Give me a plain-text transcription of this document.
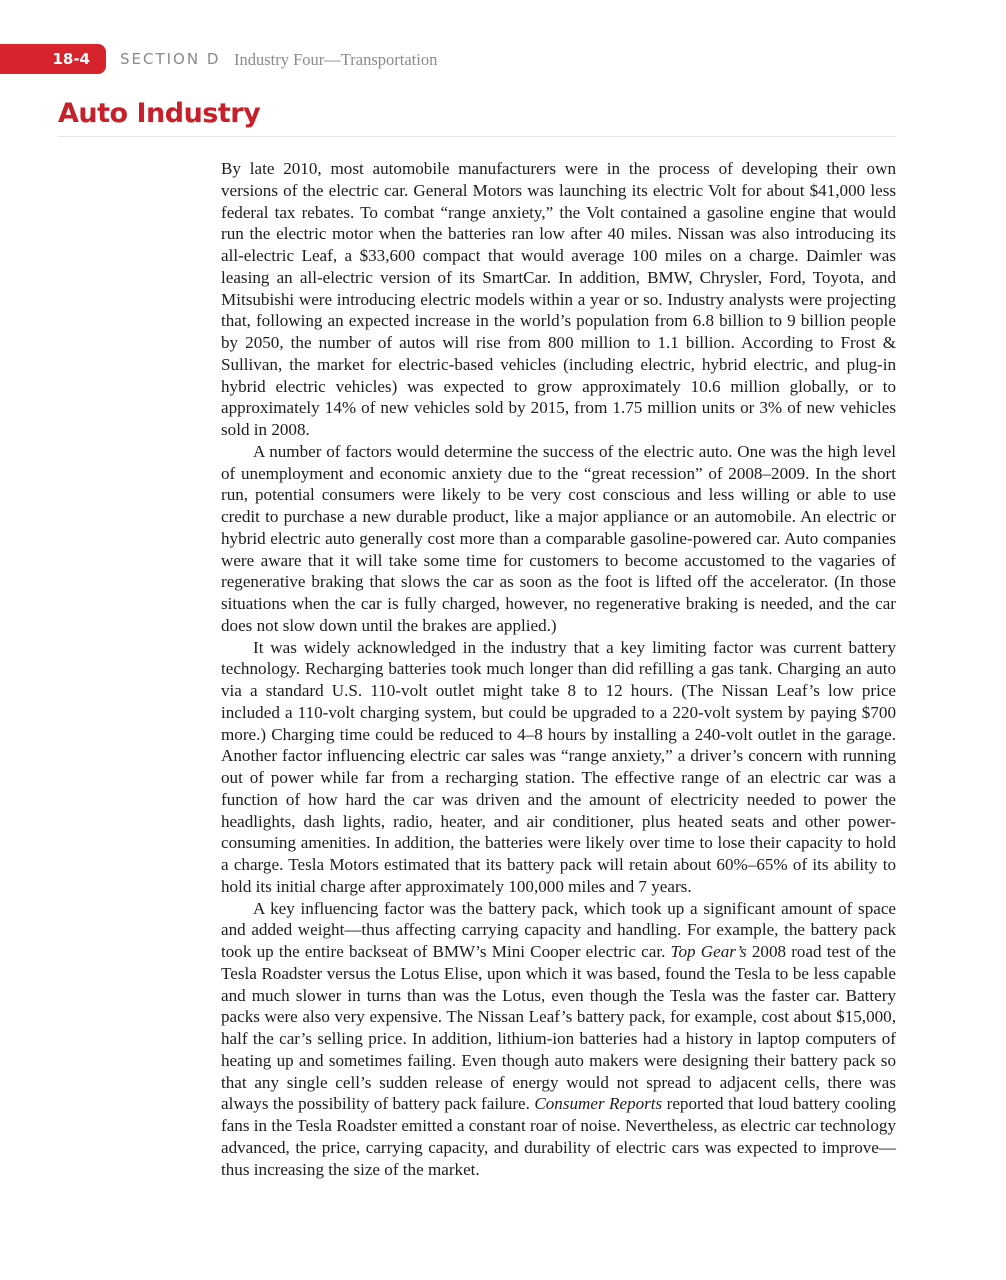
18-4	SECTION D Industry Four—Transportation
Auto Industry

By late 2010, most automobile manufacturers were in the process of developing their own versions of the electric car. General Motors was launching its electric Volt for about $41,000 less federal tax rebates. To combat “range anxiety,” the Volt contained a gasoline engine that would run the electric motor when the batteries ran low after 40 miles. Nissan was also introducing its all-electric Leaf, a $33,600 compact that would average 100 miles on a charge. Daimler was leasing an all-electric version of its SmartCar. In addition, BMW, Chrysler, Ford, Toyota, and Mitsubishi were introducing electric models within a year or so. Industry analysts were projecting that, following an expected increase in the world’s population from 6.8 billion to 9 billion people by 2050, the number of autos will rise from 800 million to 1.1 billion. According to Frost & Sullivan, the market for electric-based vehicles (including electric, hybrid electric, and plug-in hybrid electric vehicles) was expected to grow approximately 10.6 million globally, or to approximately 14% of new vehicles sold by 2015, from 1.75 million units or 3% of new vehicles sold in 2008.

A number of factors would determine the success of the electric auto. One was the high level of unemployment and economic anxiety due to the “great recession” of 2008–2009. In the short run, potential consumers were likely to be very cost conscious and less willing or able to use credit to purchase a new durable product, like a major appliance or an automobile. An electric or hybrid electric auto generally cost more than a comparable gasoline-powered car. Auto companies were aware that it will take some time for customers to become accustomed to the vagaries of regenerative braking that slows the car as soon as the foot is lifted off the accelerator. (In those situations when the car is fully charged, however, no regenerative braking is needed, and the car does not slow down until the brakes are applied.)

It was widely acknowledged in the industry that a key limiting factor was current battery technology. Recharging batteries took much longer than did refilling a gas tank. Charging an auto via a standard U.S. 110-volt outlet might take 8 to 12 hours. (The Nissan Leaf’s low price included a 110-volt charging system, but could be upgraded to a 220-volt system by paying $700 more.) Charging time could be reduced to 4–8 hours by installing a 240-volt outlet in the garage. Another factor influencing electric car sales was “range anxiety,” a driver’s concern with running out of power while far from a recharging station. The effective range of an electric car was a function of how hard the car was driven and the amount of electricity needed to power the headlights, dash lights, radio, heater, and air conditioner, plus heated seats and other power-consuming amenities. In addition, the batteries were likely over time to lose their capacity to hold a charge. Tesla Motors estimated that its battery pack will retain about 60%–65% of its ability to hold its initial charge after approximately 100,000 miles and 7 years.

A key influencing factor was the battery pack, which took up a significant amount of space and added weight—thus affecting carrying capacity and handling. For example, the battery pack took up the entire backseat of BMW’s Mini Cooper electric car. Top Gear’s 2008 road test of the Tesla Roadster versus the Lotus Elise, upon which it was based, found the Tesla to be less capable and much slower in turns than was the Lotus, even though the Tesla was the faster car. Battery packs were also very expensive. The Nissan Leaf’s battery pack, for example, cost about $15,000, half the car’s selling price. In addition, lithium-ion batteries had a history in laptop computers of heating up and sometimes failing. Even though auto makers were designing their battery pack so that any single cell’s sudden release of energy would not spread to adjacent cells, there was always the possibility of battery pack failure. Consumer Reports reported that loud battery cooling fans in the Tesla Roadster emitted a constant roar of noise. Nevertheless, as electric car technology advanced, the price, carrying capacity, and durability of electric cars was expected to improve—thus increasing the size of the market.
